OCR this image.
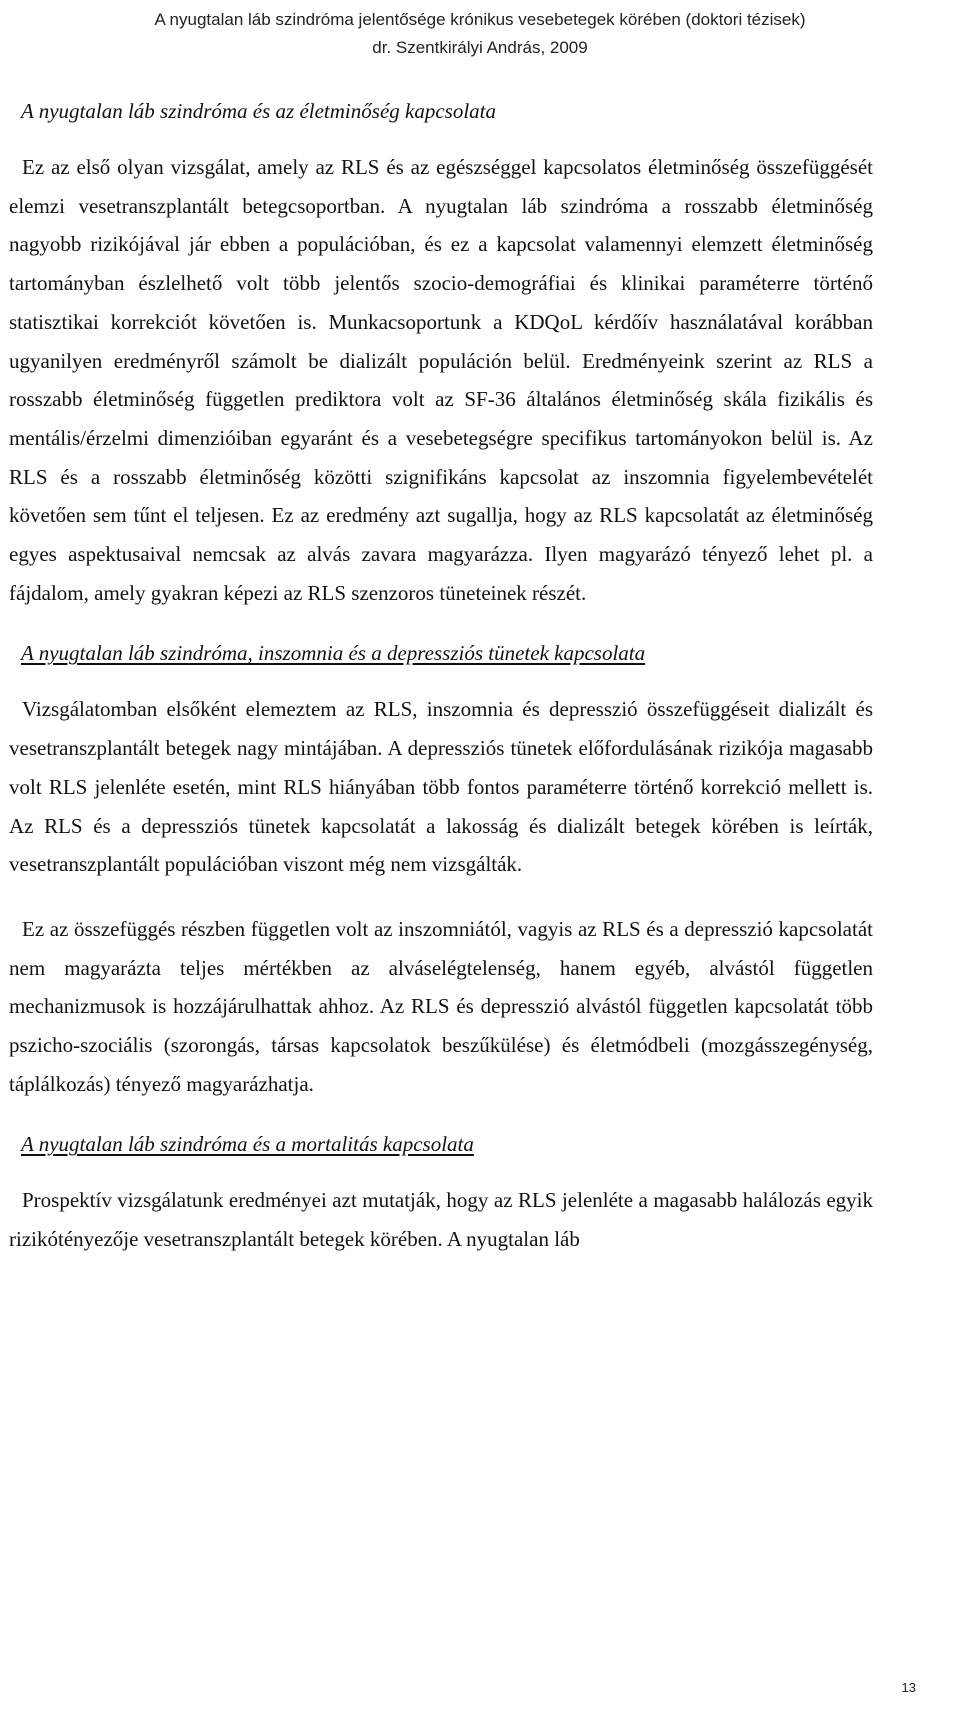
A nyugtalan láb szindróma jelentősége krónikus vesebetegek körében (doktori tézisek)
dr. Szentkirályi András, 2009
A nyugtalan láb szindróma és az életminőség kapcsolata

Ez az első olyan vizsgálat, amely az RLS és az egészséggel kapcsolatos életminőség összefüggését elemzi vesetranszplantált betegcsoportban. A nyugtalan láb szindróma a rosszabb életminőség nagyobb rizikójával jár ebben a populációban, és ez a kapcsolat valamennyi elemzett életminőség tartományban észlelhető volt több jelentős szocio-demográfiai és klinikai paraméterre történő statisztikai korrekciót követően is. Munkacsoportunk a KDQoL kérdőív használatával korábban ugyanilyen eredményről számolt be dializált populáción belül. Eredményeink szerint az RLS a rosszabb életminőség független prediktora volt az SF-36 általános életminőség skála fizikális és mentális/érzelmi dimenzióiban egyaránt és a vesebetegségre specifikus tartományokon belül is. Az RLS és a rosszabb életminőség közötti szignifikáns kapcsolat az inszomnia figyelembevételét követően sem tűnt el teljesen. Ez az eredmény azt sugallja, hogy az RLS kapcsolatát az életminőség egyes aspektusaival nemcsak az alvás zavara magyarázza. Ilyen magyarázó tényező lehet pl. a fájdalom, amely gyakran képezi az RLS szenzoros tüneteinek részét.

A nyugtalan láb szindróma, inszomnia és a depressziós tünetek kapcsolata

Vizsgálatomban elsőként elemeztem az RLS, inszomnia és depresszió összefüggéseit dializált és vesetranszplantált betegek nagy mintájában. A depressziós tünetek előfordulásának rizikója magasabb volt RLS jelenléte esetén, mint RLS hiányában több fontos paraméterre történő korrekció mellett is. Az RLS és a depressziós tünetek kapcsolatát a lakosság és dializált betegek körében is leírták, vesetranszplantált populációban viszont még nem vizsgálták.

Ez az összefüggés részben független volt az inszomniától, vagyis az RLS és a depresszió kapcsolatát nem magyarázta teljes mértékben az alváselégtelenség, hanem egyéb, alvástól független mechanizmusok is hozzájárulhattak ahhoz. Az RLS és depresszió alvástól független kapcsolatát több pszicho-szociális (szorongás, társas kapcsolatok beszűkülése) és életmódbeli (mozgásszegénység, táplálkozás) tényező magyarázhatja.

A nyugtalan láb szindróma és a mortalitás kapcsolata

Prospektív vizsgálatunk eredményei azt mutatják, hogy az RLS jelenléte a magasabb halálozás egyik rizikótényezője vesetranszplantált betegek körében. A nyugtalan láb

13
